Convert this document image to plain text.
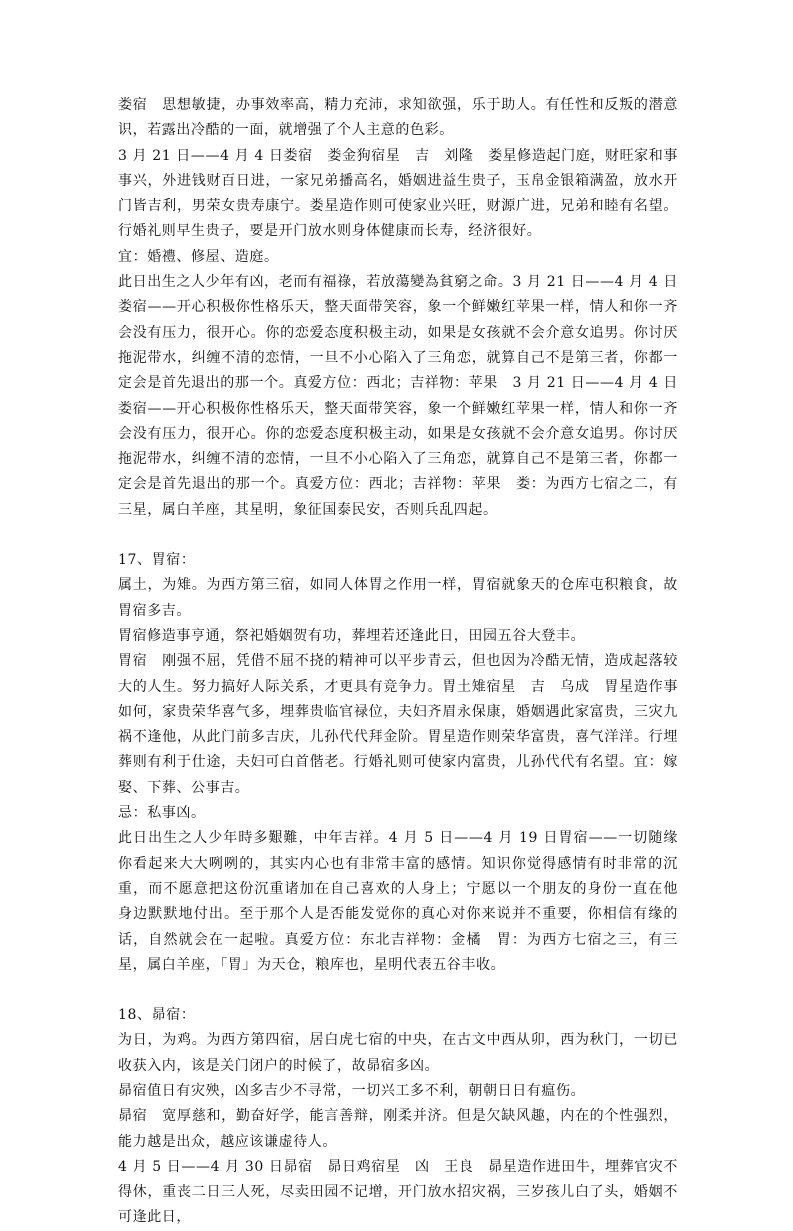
娄宿　思想敏捷，办事效率高，精力充沛，求知欲强，乐于助人。有任性和反叛的潜意识，若露出冷酷的一面，就增强了个人主意的色彩。

3 月 21 日——4 月 4 日娄宿　娄金狗宿星　吉　刘隆　娄星修造起门庭，财旺家和事事兴，外进钱财百日进，一家兄弟播高名，婚姻进益生贵子，玉帛金银箱满盈，放水开门皆吉利，男荣女贵寿康宁。娄星造作则可使家业兴旺，财源广进，兄弟和睦有名望。行婚礼则早生贵子，要是开门放水则身体健康而长寿，经济很好。

宜：婚禮、修屋、造庭。

此日出生之人少年有凶，老而有福祿，若放蕩變為貧窮之命。3 月 21 日——4 月 4 日娄宿——开心积极你性格乐天，整天面带笑容，象一个鲜嫩红苹果一样，情人和你一齐会没有压力，很开心。你的恋爱态度积极主动，如果是女孩就不会介意女追男。你讨厌拖泥带水，纠缠不清的恋情，一旦不小心陷入了三角恋，就算自己不是第三者，你都一定会是首先退出的那一个。真爱方位：西北；吉祥物：苹果　3 月 21 日——4 月 4 日娄宿——开心积极你性格乐天，整天面带笑容，象一个鲜嫩红苹果一样，情人和你一齐会没有压力，很开心。你的恋爱态度积极主动，如果是女孩就不会介意女追男。你讨厌拖泥带水，纠缠不清的恋情，一旦不小心陷入了三角恋，就算自己不是第三者，你都一定会是首先退出的那一个。真爱方位：西北；吉祥物：苹果　娄：为西方七宿之二，有三星，属白羊座，其星明，象征国泰民安，否则兵乱四起。

17、胃宿：

属土，为雉。为西方第三宿，如同人体胃之作用一样，胃宿就象天的仓库屯积粮食，故胃宿多吉。

胃宿修造事亨通，祭祀婚姻贺有功，葬埋若还逢此日，田园五谷大登丰。

胃宿　刚强不屈，凭借不屈不挠的精神可以平步青云，但也因为冷酷无情，造成起落较大的人生。努力搞好人际关系，才更具有竞争力。胃土雉宿星　吉　乌成　胃星造作事如何，家贵荣华喜气多，埋葬贵临官禄位，夫妇齐眉永保康，婚姻遇此家富贵，三灾九祸不逢他，从此门前多吉庆，儿孙代代拜金阶。胃星造作则荣华富贵，喜气洋洋。行埋葬则有利于仕途，夫妇可白首偕老。行婚礼则可使家内富贵，儿孙代代有名望。宜：嫁娶、下葬、公事吉。

忌：私事凶。

此日出生之人少年時多艱難，中年吉祥。4 月 5 日——4 月 19 日胃宿——一切随缘　你看起来大大咧咧的，其实内心也有非常丰富的感情。知识你觉得感情有时非常的沉重，而不愿意把这份沉重诸加在自己喜欢的人身上；宁愿以一个朋友的身份一直在他　身边默默地付出。至于那个人是否能发觉你的真心对你来说并不重要，你相信有缘的话，自然就会在一起啦。真爱方位：东北吉祥物：金橘　胃：为西方七宿之三，有三星，属白羊座，「胃」为天仓，粮库也，星明代表五谷丰收。

18、昴宿：

为日，为鸡。为西方第四宿，居白虎七宿的中央，在古文中西从卯，西为秋门，一切已收获入内，该是关门闭户的时候了，故昴宿多凶。

昴宿值日有灾殃，凶多吉少不寻常，一切兴工多不利，朝朝日日有瘟伤。

昴宿　宽厚慈和，勤奋好学，能言善辩，刚柔并济。但是欠缺风趣，内在的个性强烈，能力越是出众，越应该谦虚待人。

4 月 5 日——4 月 30 日昴宿　昴日鸡宿星　凶　王良　昴星造作进田牛，埋葬官灾不得休，重丧二日三人死，尽卖田园不记增，开门放水招灾祸，三岁孩儿白了头，婚姻不可逢此日，
